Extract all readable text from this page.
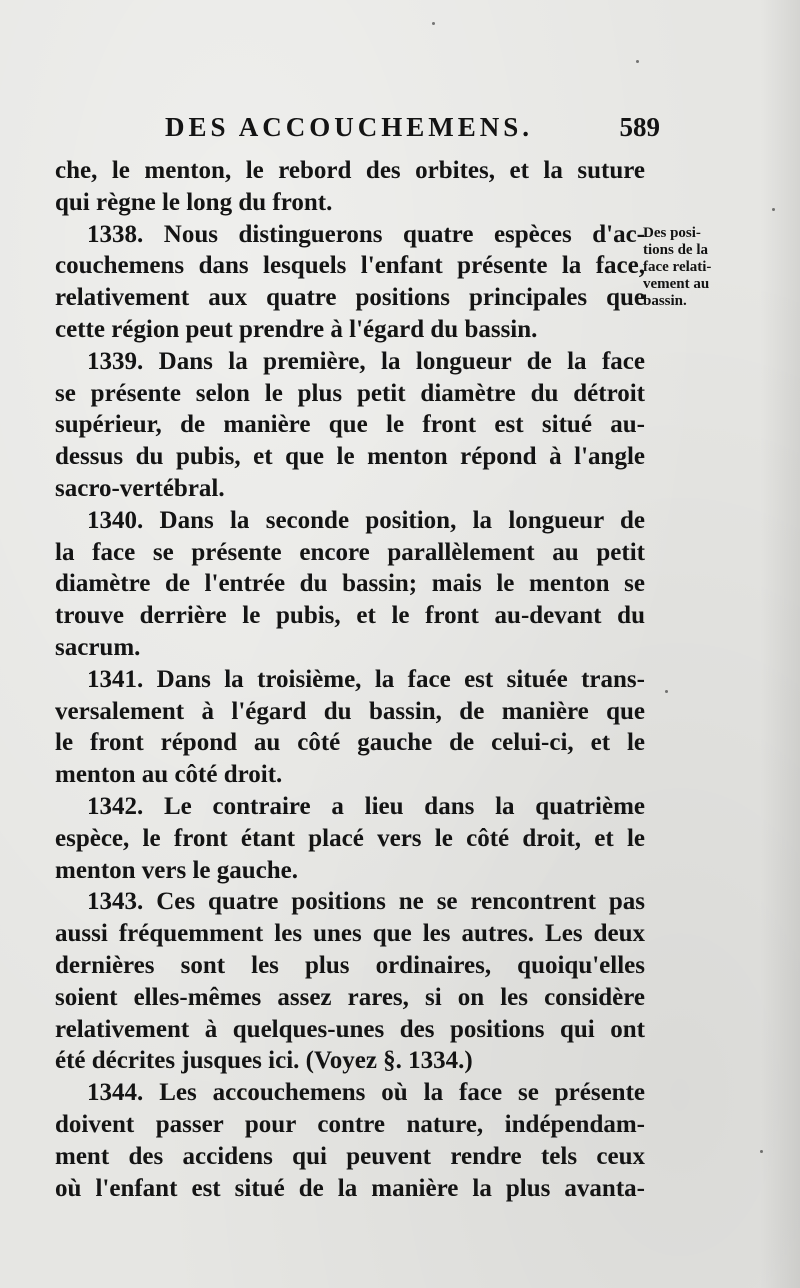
DES ACCOUCHEMENS.	589
che, le menton, le rebord des orbites, et la suture
qui règne le long du front.
1338. Nous distinguerons quatre espèces d'ac-
couchemens dans lesquels l'enfant présente la face,
relativement aux quatre positions principales que
cette région peut prendre à l'égard du bassin.
1339. Dans la première, la longueur de la face
se présente selon le plus petit diamètre du détroit
supérieur, de manière que le front est situé au-
dessus du pubis, et que le menton répond à l'angle
sacro-vertébral.
1340. Dans la seconde position, la longueur de
la face se présente encore parallèlement au petit
diamètre de l'entrée du bassin; mais le menton se
trouve derrière le pubis, et le front au-devant du
sacrum.
1341. Dans la troisième, la face est située trans-
versalement à l'égard du bassin, de manière que
le front répond au côté gauche de celui-ci, et le
menton au côté droit.
1342. Le contraire a lieu dans la quatrième
espèce, le front étant placé vers le côté droit, et le
menton vers le gauche.
1343. Ces quatre positions ne se rencontrent pas
aussi fréquemment les unes que les autres. Les deux
dernières sont les plus ordinaires, quoiqu'elles
soient elles-mêmes assez rares, si on les considère
relativement à quelques-unes des positions qui ont
été décrites jusques ici. (Voyez §. 1334.)
1344. Les accouchemens où la face se présente
doivent passer pour contre nature, indépendam-
ment des accidens qui peuvent rendre tels ceux
où l'enfant est situé de la manière la plus avanta-
Des posi-
tions de la
face relati-
vement au
bassin.
